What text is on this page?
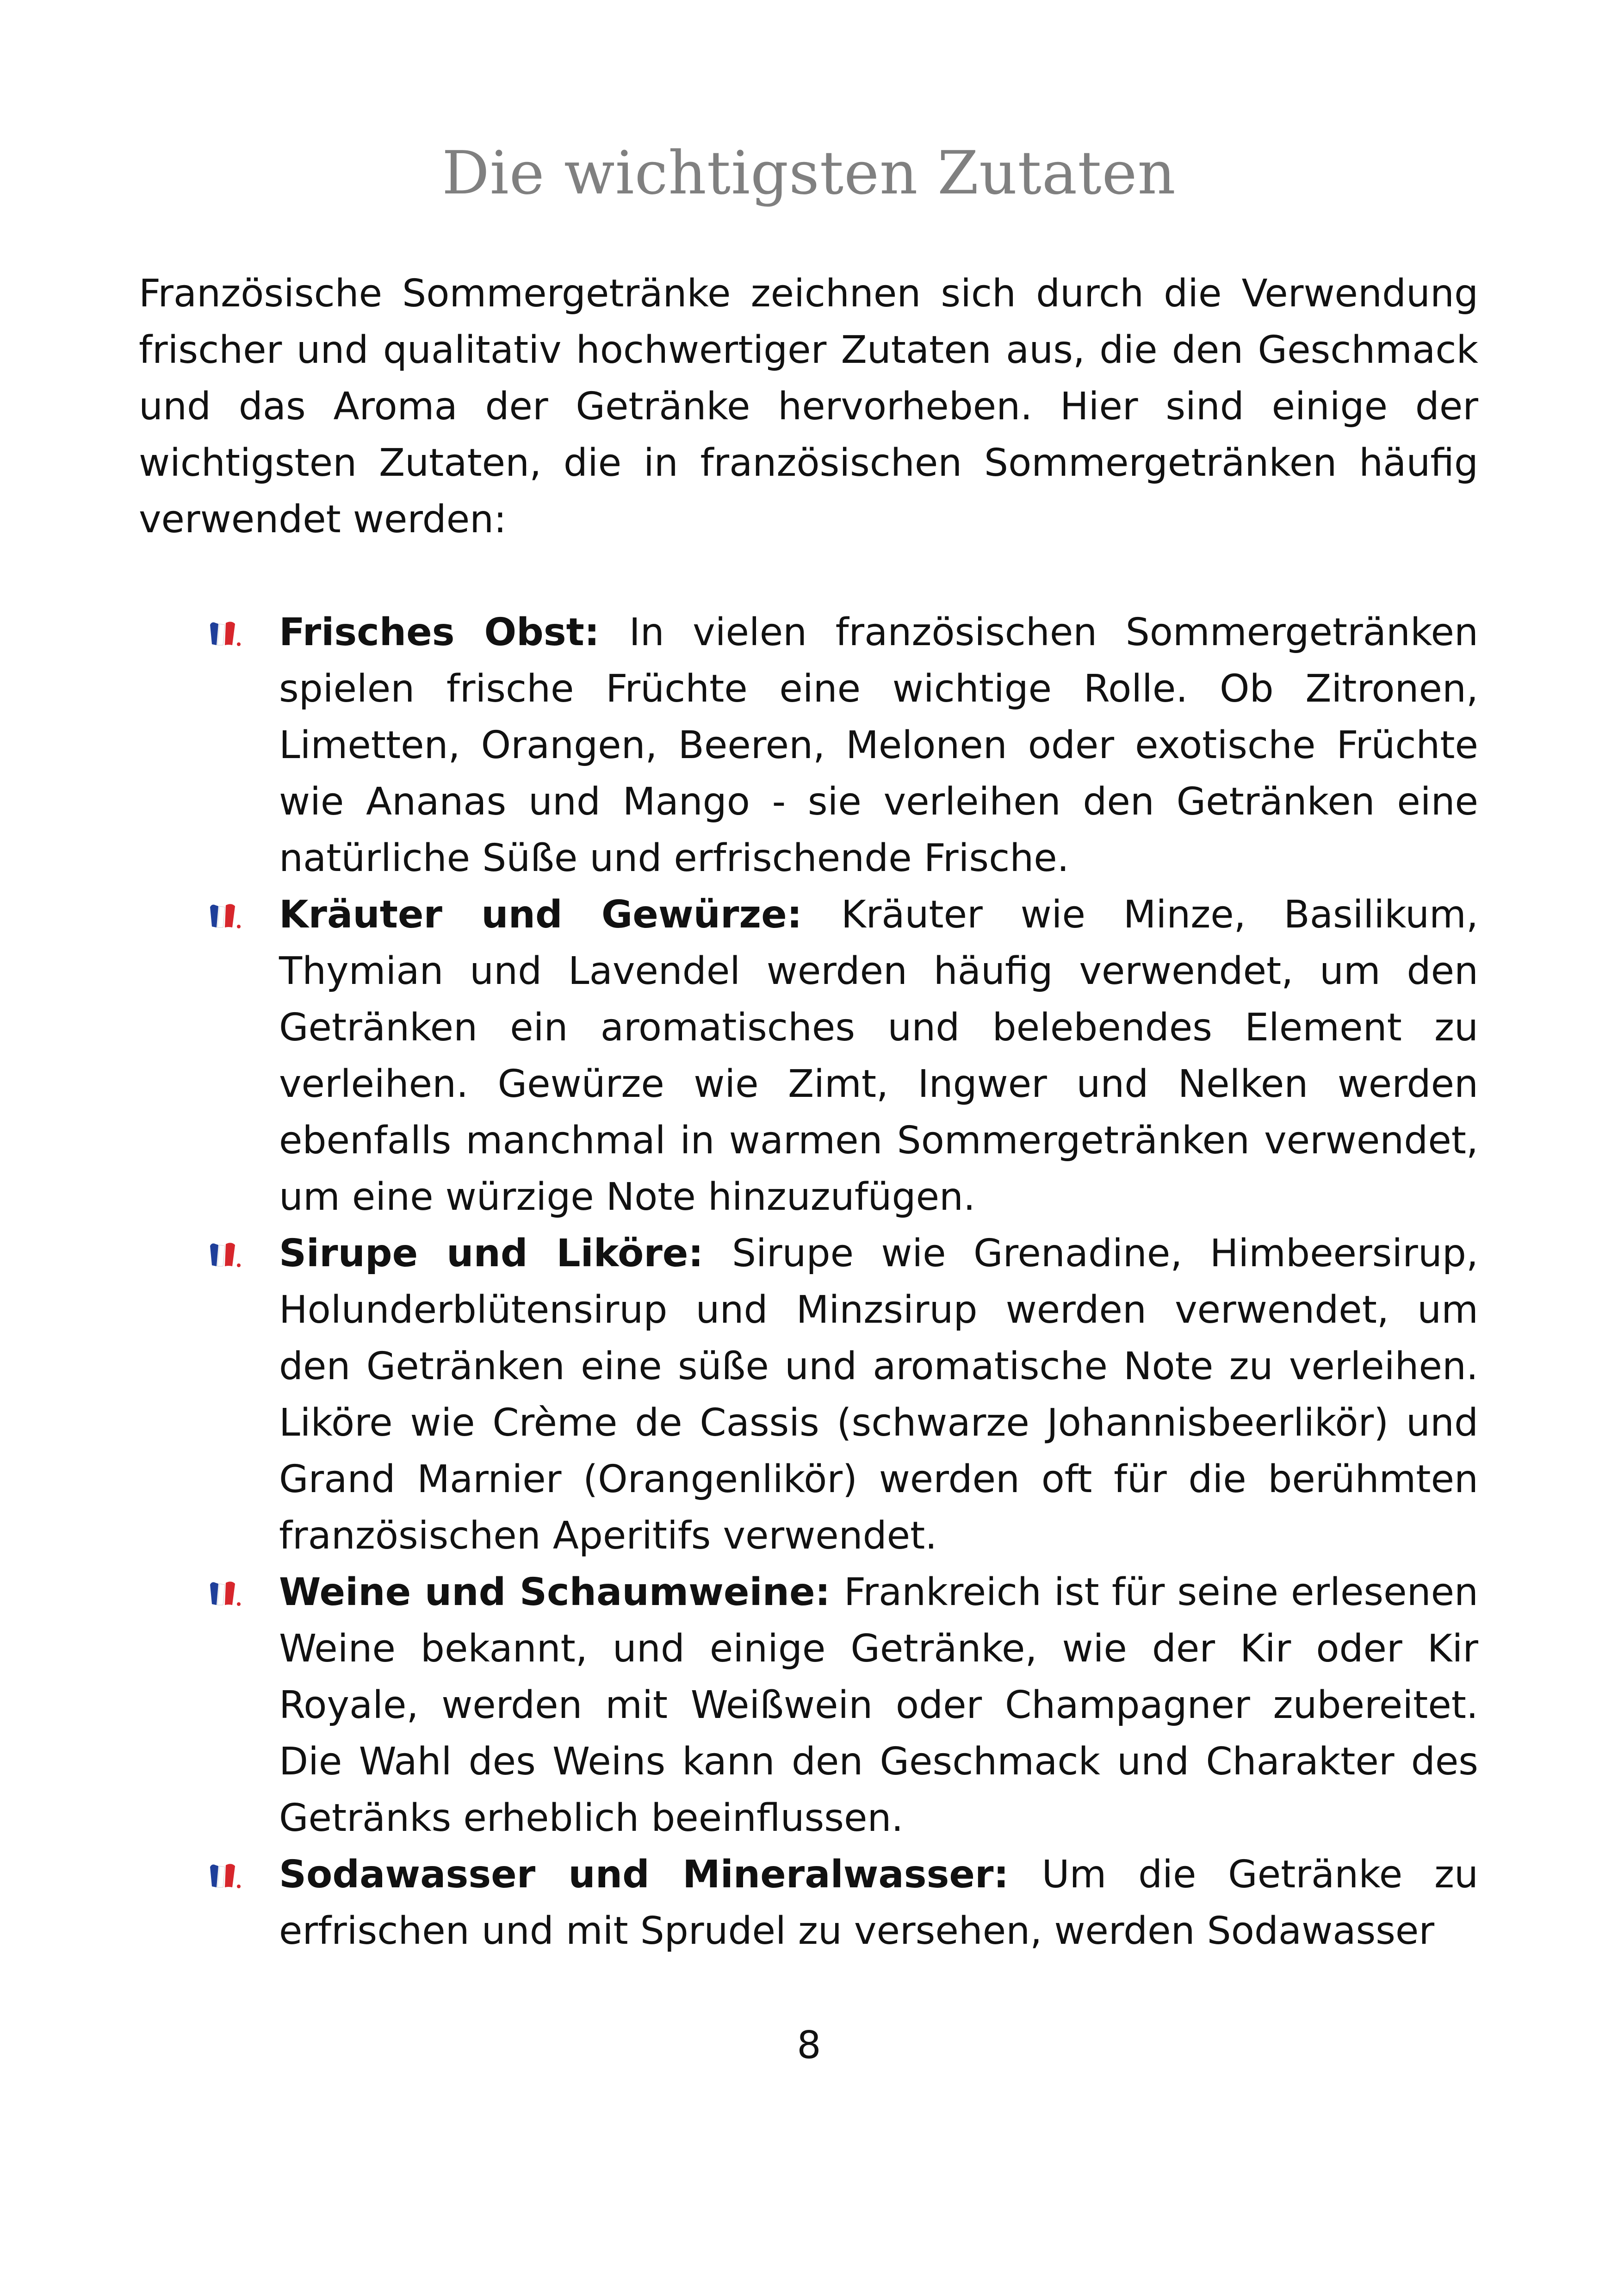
Die wichtigsten Zutaten

Französische Sommergetränke zeichnen sich durch die Verwendung frischer und qualitativ hochwertiger Zutaten aus, die den Geschmack und das Aroma der Getränke hervorheben. Hier sind einige der wichtigsten Zutaten, die in französischen Sommergetränken häufig verwendet werden:

Frisches Obst: In vielen französischen Sommergetränken spielen frische Früchte eine wichtige Rolle. Ob Zitronen, Limetten, Orangen, Beeren, Melonen oder exotische Früchte wie Ananas und Mango - sie verleihen den Getränken eine natürliche Süße und erfrischende Frische.
Kräuter und Gewürze: Kräuter wie Minze, Basilikum, Thymian und Lavendel werden häufig verwendet, um den Getränken ein aromatisches und belebendes Element zu verleihen. Gewürze wie Zimt, Ingwer und Nelken werden ebenfalls manchmal in warmen Sommergetränken verwendet, um eine würzige Note hinzuzufügen.
Sirupe und Liköre: Sirupe wie Grenadine, Himbeersirup, Holunderblütensirup und Minzsirup werden verwendet, um den Getränken eine süße und aromatische Note zu verleihen. Liköre wie Crème de Cassis (schwarze Johannisbeerlikör) und Grand Marnier (Orangenlikör) werden oft für die berühmten französischen Aperitifs verwendet.
Weine und Schaumweine: Frankreich ist für seine erlesenen Weine bekannt, und einige Getränke, wie der Kir oder Kir Royale, werden mit Weißwein oder Champagner zubereitet. Die Wahl des Weins kann den Geschmack und Charakter des Getränks erheblich beeinflussen.
Sodawasser und Mineralwasser: Um die Getränke zu erfrischen und mit Sprudel zu versehen, werden Sodawasser
8
